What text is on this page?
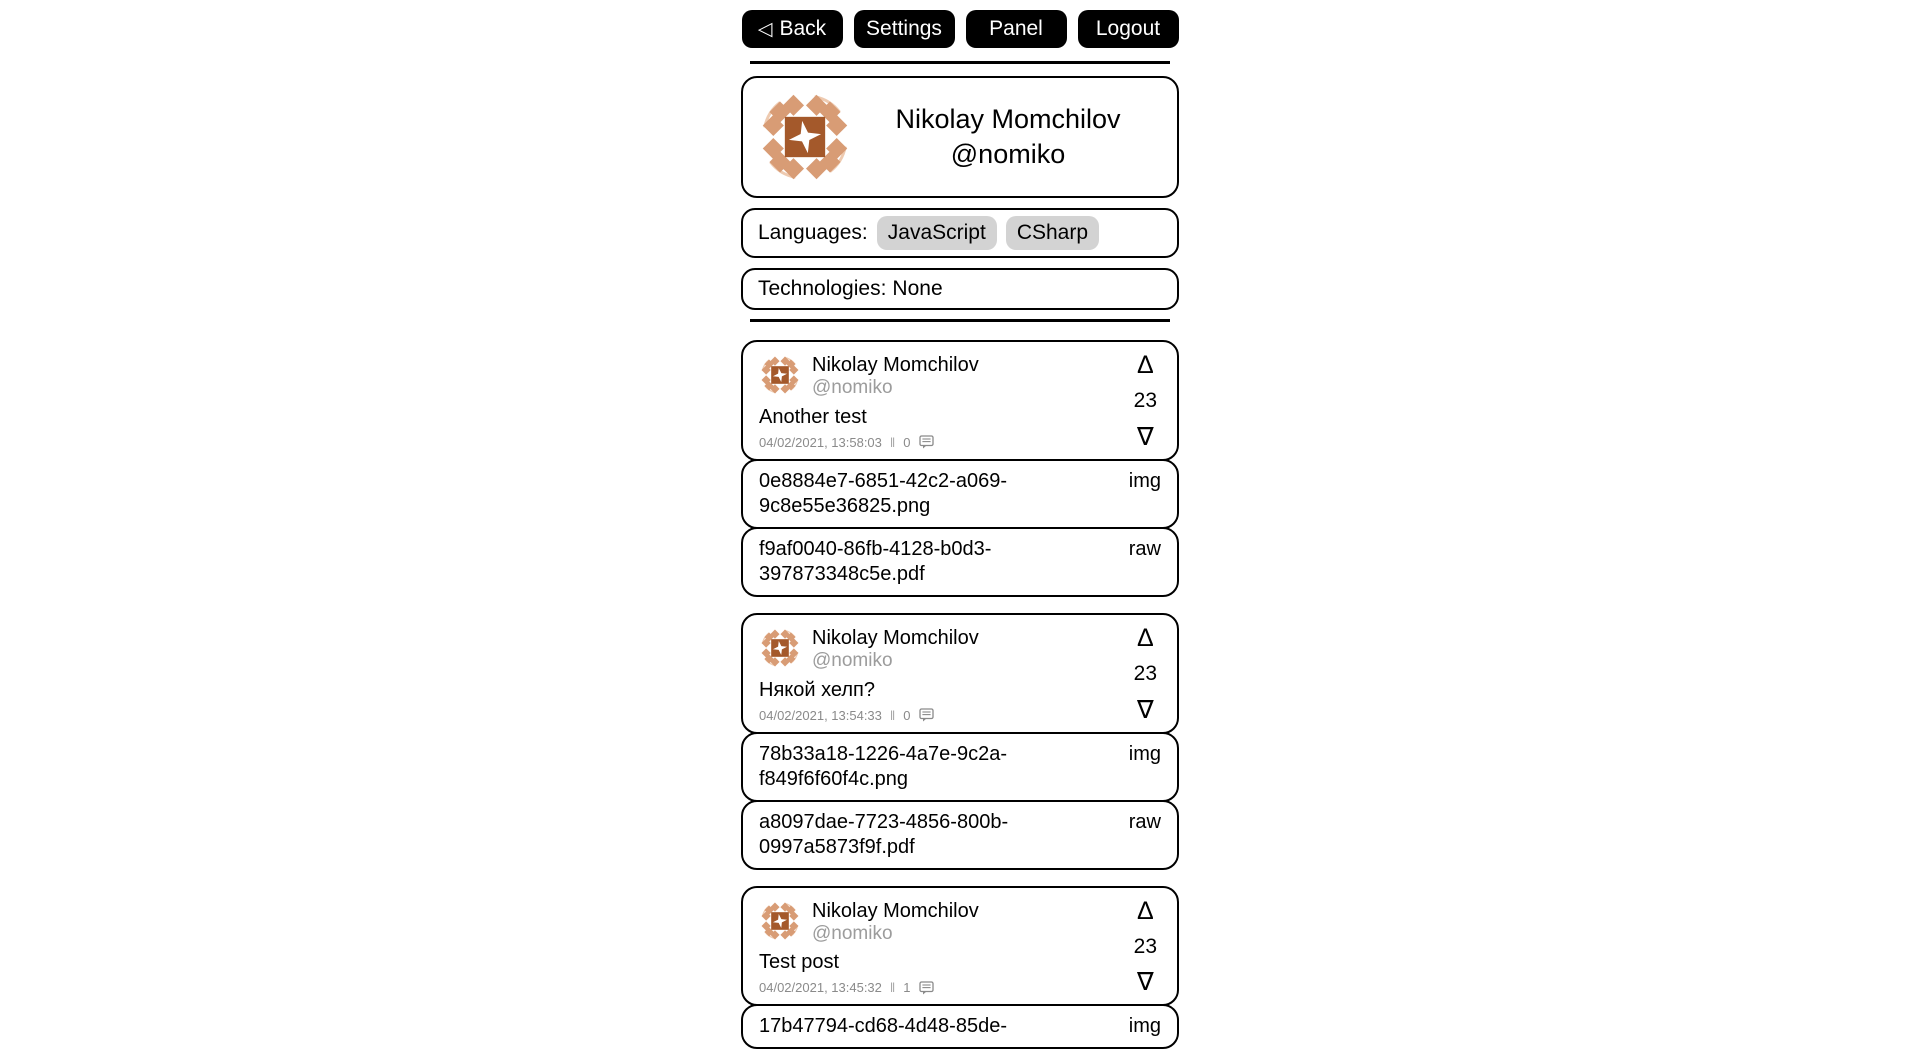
◁ Back Settings Panel	Logout
Nikolay Momchilov
@nomiko
Languages: JavaScript	CSharp
Technologies: None
Nikolay Momchilov
@nomiko
Another test
04/02/2021, 13:58:03 ‖ 0
Δ
23
∇
0e8884e7-6851-42c2-a069-9c8e55e36825.png
img
f9af0040-86fb-4128-b0d3-397873348c5e.pdf
raw
Nikolay Momchilov
@nomiko
Някой хелп?
04/02/2021, 13:54:33 ‖ 0
Δ
23
∇
78b33a18-1226-4a7e-9c2a-f849f6f60f4c.png
img
a8097dae-7723-4856-800b-0997a5873f9f.pdf
raw
Nikolay Momchilov
@nomiko
Test post
04/02/2021, 13:45:32 ‖ 1
Δ
23
∇
17b47794-cd68-4d48-85de-	img
